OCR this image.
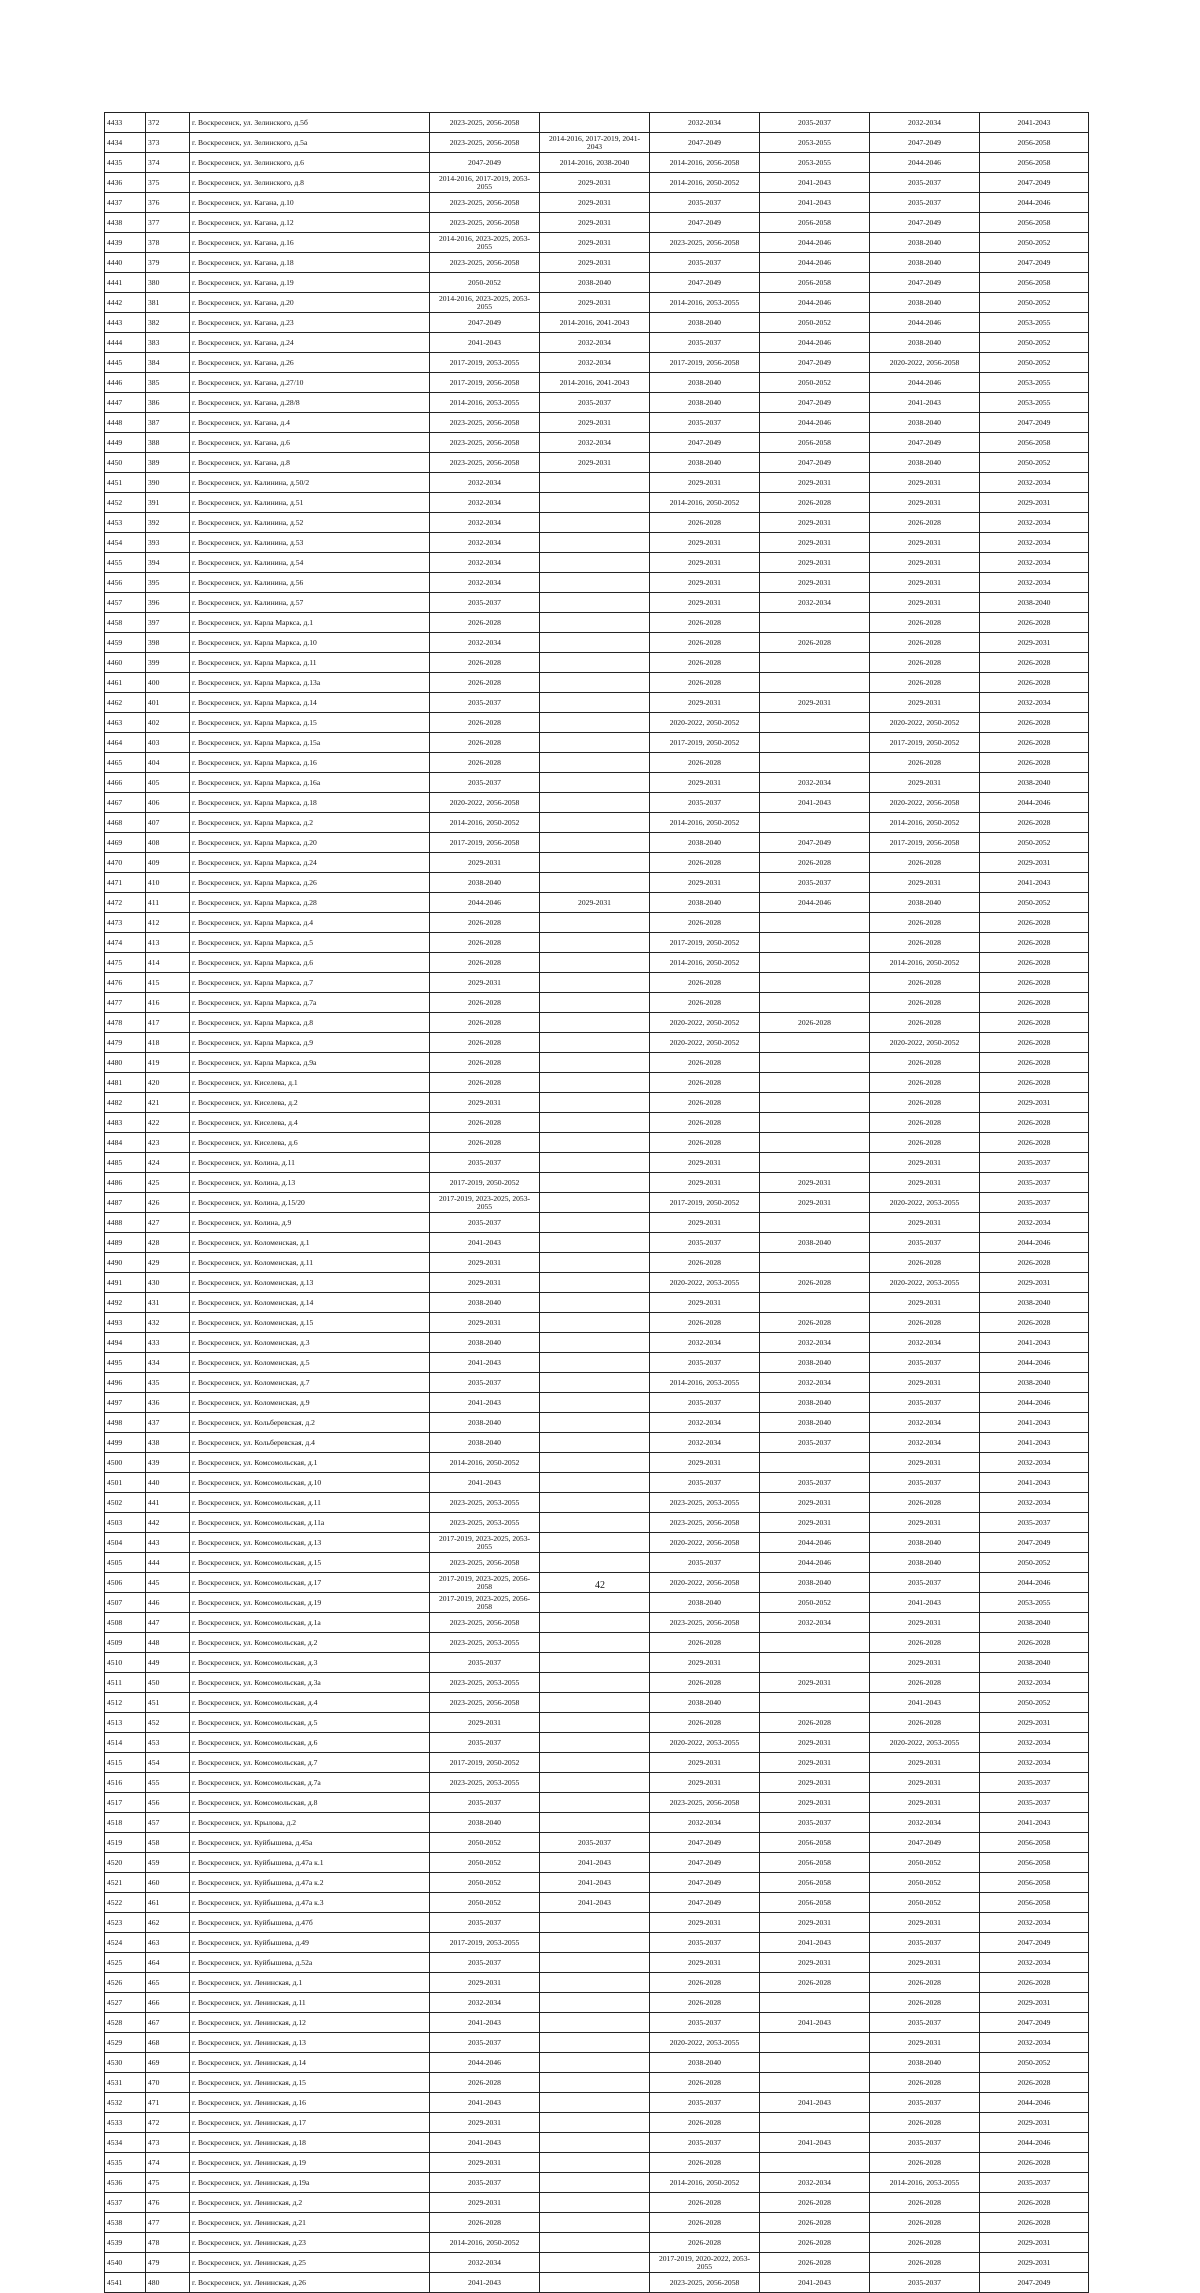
4433	372	г. Воскресенск, ул. Зелинского, д.5б	2023-2025, 2056-2058		2032-2034	2035-2037	2032-2034	2041-2043
4434	373	г. Воскресенск, ул. Зелинского, д.5а	2023-2025, 2056-2058	2014-2016, 2017-2019, 2041-2043	2047-2049	2053-2055	2047-2049	2056-2058
4435	374	г. Воскресенск, ул. Зелинского, д.6	2047-2049	2014-2016, 2038-2040	2014-2016, 2056-2058	2053-2055	2044-2046	2056-2058
4436	375	г. Воскресенск, ул. Зелинского, д.8	2014-2016, 2017-2019, 2053-2055	2029-2031	2014-2016, 2050-2052	2041-2043	2035-2037	2047-2049
4437	376	г. Воскресенск, ул. Кагана, д.10	2023-2025, 2056-2058	2029-2031	2035-2037	2041-2043	2035-2037	2044-2046
4438	377	г. Воскресенск, ул. Кагана, д.12	2023-2025, 2056-2058	2029-2031	2047-2049	2056-2058	2047-2049	2056-2058
4439	378	г. Воскресенск, ул. Кагана, д.16	2014-2016, 2023-2025, 2053-2055	2029-2031	2023-2025, 2056-2058	2044-2046	2038-2040	2050-2052
4440	379	г. Воскресенск, ул. Кагана, д.18	2023-2025, 2056-2058	2029-2031	2035-2037	2044-2046	2038-2040	2047-2049
4441	380	г. Воскресенск, ул. Кагана, д.19	2050-2052	2038-2040	2047-2049	2056-2058	2047-2049	2056-2058
4442	381	г. Воскресенск, ул. Кагана, д.20	2014-2016, 2023-2025, 2053-2055	2029-2031	2014-2016, 2053-2055	2044-2046	2038-2040	2050-2052
4443	382	г. Воскресенск, ул. Кагана, д.23	2047-2049	2014-2016, 2041-2043	2038-2040	2050-2052	2044-2046	2053-2055
4444	383	г. Воскресенск, ул. Кагана, д.24	2041-2043	2032-2034	2035-2037	2044-2046	2038-2040	2050-2052
4445	384	г. Воскресенск, ул. Кагана, д.26	2017-2019, 2053-2055	2032-2034	2017-2019, 2056-2058	2047-2049	2020-2022, 2056-2058	2050-2052
4446	385	г. Воскресенск, ул. Кагана, д.27/10	2017-2019, 2056-2058	2014-2016, 2041-2043	2038-2040	2050-2052	2044-2046	2053-2055
4447	386	г. Воскресенск, ул. Кагана, д.28/8	2014-2016, 2053-2055	2035-2037	2038-2040	2047-2049	2041-2043	2053-2055
4448	387	г. Воскресенск, ул. Кагана, д.4	2023-2025, 2056-2058	2029-2031	2035-2037	2044-2046	2038-2040	2047-2049
4449	388	г. Воскресенск, ул. Кагана, д.6	2023-2025, 2056-2058	2032-2034	2047-2049	2056-2058	2047-2049	2056-2058
4450	389	г. Воскресенск, ул. Кагана, д.8	2023-2025, 2056-2058	2029-2031	2038-2040	2047-2049	2038-2040	2050-2052
4451	390	г. Воскресенск, ул. Калинина, д.50/2	2032-2034		2029-2031	2029-2031	2029-2031	2032-2034
4452	391	г. Воскресенск, ул. Калинина, д.51	2032-2034		2014-2016, 2050-2052	2026-2028	2029-2031	2029-2031
4453	392	г. Воскресенск, ул. Калинина, д.52	2032-2034		2026-2028	2029-2031	2026-2028	2032-2034
4454	393	г. Воскресенск, ул. Калинина, д.53	2032-2034		2029-2031	2029-2031	2029-2031	2032-2034
4455	394	г. Воскресенск, ул. Калинина, д.54	2032-2034		2029-2031	2029-2031	2029-2031	2032-2034
4456	395	г. Воскресенск, ул. Калинина, д.56	2032-2034		2029-2031	2029-2031	2029-2031	2032-2034
4457	396	г. Воскресенск, ул. Калинина, д.57	2035-2037		2029-2031	2032-2034	2029-2031	2038-2040
4458	397	г. Воскресенск, ул. Карла Маркса, д.1	2026-2028		2026-2028		2026-2028	2026-2028
4459	398	г. Воскресенск, ул. Карла Маркса, д.10	2032-2034		2026-2028	2026-2028	2026-2028	2029-2031
4460	399	г. Воскресенск, ул. Карла Маркса, д.11	2026-2028		2026-2028		2026-2028	2026-2028
4461	400	г. Воскресенск, ул. Карла Маркса, д.13а	2026-2028		2026-2028		2026-2028	2026-2028
4462	401	г. Воскресенск, ул. Карла Маркса, д.14	2035-2037		2029-2031	2029-2031	2029-2031	2032-2034
4463	402	г. Воскресенск, ул. Карла Маркса, д.15	2026-2028		2020-2022, 2050-2052		2020-2022, 2050-2052	2026-2028
4464	403	г. Воскресенск, ул. Карла Маркса, д.15а	2026-2028		2017-2019, 2050-2052		2017-2019, 2050-2052	2026-2028
4465	404	г. Воскресенск, ул. Карла Маркса, д.16	2026-2028		2026-2028		2026-2028	2026-2028
4466	405	г. Воскресенск, ул. Карла Маркса, д.16а	2035-2037		2029-2031	2032-2034	2029-2031	2038-2040
4467	406	г. Воскресенск, ул. Карла Маркса, д.18	2020-2022, 2056-2058		2035-2037	2041-2043	2020-2022, 2056-2058	2044-2046
4468	407	г. Воскресенск, ул. Карла Маркса, д.2	2014-2016, 2050-2052		2014-2016, 2050-2052		2014-2016, 2050-2052	2026-2028
4469	408	г. Воскресенск, ул. Карла Маркса, д.20	2017-2019, 2056-2058		2038-2040	2047-2049	2017-2019, 2056-2058	2050-2052
4470	409	г. Воскресенск, ул. Карла Маркса, д.24	2029-2031		2026-2028	2026-2028	2026-2028	2029-2031
4471	410	г. Воскресенск, ул. Карла Маркса, д.26	2038-2040		2029-2031	2035-2037	2029-2031	2041-2043
4472	411	г. Воскресенск, ул. Карла Маркса, д.28	2044-2046	2029-2031	2038-2040	2044-2046	2038-2040	2050-2052
4473	412	г. Воскресенск, ул. Карла Маркса, д.4	2026-2028		2026-2028		2026-2028	2026-2028
4474	413	г. Воскресенск, ул. Карла Маркса, д.5	2026-2028		2017-2019, 2050-2052		2026-2028	2026-2028
4475	414	г. Воскресенск, ул. Карла Маркса, д.6	2026-2028		2014-2016, 2050-2052		2014-2016, 2050-2052	2026-2028
4476	415	г. Воскресенск, ул. Карла Маркса, д.7	2029-2031		2026-2028		2026-2028	2026-2028
4477	416	г. Воскресенск, ул. Карла Маркса, д.7а	2026-2028		2026-2028		2026-2028	2026-2028
4478	417	г. Воскресенск, ул. Карла Маркса, д.8	2026-2028		2020-2022, 2050-2052	2026-2028	2026-2028	2026-2028
4479	418	г. Воскресенск, ул. Карла Маркса, д.9	2026-2028		2020-2022, 2050-2052		2020-2022, 2050-2052	2026-2028
4480	419	г. Воскресенск, ул. Карла Маркса, д.9а	2026-2028		2026-2028		2026-2028	2026-2028
4481	420	г. Воскресенск, ул. Киселева, д.1	2026-2028		2026-2028		2026-2028	2026-2028
4482	421	г. Воскресенск, ул. Киселева, д.2	2029-2031		2026-2028		2026-2028	2029-2031
4483	422	г. Воскресенск, ул. Киселева, д.4	2026-2028		2026-2028		2026-2028	2026-2028
4484	423	г. Воскресенск, ул. Киселева, д.6	2026-2028		2026-2028		2026-2028	2026-2028
4485	424	г. Воскресенск, ул. Колина, д.11	2035-2037		2029-2031		2029-2031	2035-2037
4486	425	г. Воскресенск, ул. Колина, д.13	2017-2019, 2050-2052		2029-2031	2029-2031	2029-2031	2035-2037
4487	426	г. Воскресенск, ул. Колина, д.15/20	2017-2019, 2023-2025, 2053-2055		2017-2019, 2050-2052	2029-2031	2020-2022, 2053-2055	2035-2037
4488	427	г. Воскресенск, ул. Колина, д.9	2035-2037		2029-2031		2029-2031	2032-2034
4489	428	г. Воскресенск, ул. Коломенская, д.1	2041-2043		2035-2037	2038-2040	2035-2037	2044-2046
4490	429	г. Воскресенск, ул. Коломенская, д.11	2029-2031		2026-2028		2026-2028	2026-2028
4491	430	г. Воскресенск, ул. Коломенская, д.13	2029-2031		2020-2022, 2053-2055	2026-2028	2020-2022, 2053-2055	2029-2031
4492	431	г. Воскресенск, ул. Коломенская, д.14	2038-2040		2029-2031		2029-2031	2038-2040
4493	432	г. Воскресенск, ул. Коломенская, д.15	2029-2031		2026-2028	2026-2028	2026-2028	2026-2028
4494	433	г. Воскресенск, ул. Коломенская, д.3	2038-2040		2032-2034	2032-2034	2032-2034	2041-2043
4495	434	г. Воскресенск, ул. Коломенская, д.5	2041-2043		2035-2037	2038-2040	2035-2037	2044-2046
4496	435	г. Воскресенск, ул. Коломенская, д.7	2035-2037		2014-2016, 2053-2055	2032-2034	2029-2031	2038-2040
4497	436	г. Воскресенск, ул. Коломенская, д.9	2041-2043		2035-2037	2038-2040	2035-2037	2044-2046
4498	437	г. Воскресенск, ул. Кольберевская, д.2	2038-2040		2032-2034	2038-2040	2032-2034	2041-2043
4499	438	г. Воскресенск, ул. Кольберевская, д.4	2038-2040		2032-2034	2035-2037	2032-2034	2041-2043
4500	439	г. Воскресенск, ул. Комсомольская, д.1	2014-2016, 2050-2052		2029-2031		2029-2031	2032-2034
4501	440	г. Воскресенск, ул. Комсомольская, д.10	2041-2043		2035-2037	2035-2037	2035-2037	2041-2043
4502	441	г. Воскресенск, ул. Комсомольская, д.11	2023-2025, 2053-2055		2023-2025, 2053-2055	2029-2031	2026-2028	2032-2034
4503	442	г. Воскресенск, ул. Комсомольская, д.11а	2023-2025, 2053-2055		2023-2025, 2056-2058	2029-2031	2029-2031	2035-2037
4504	443	г. Воскресенск, ул. Комсомольская, д.13	2017-2019, 2023-2025, 2053-2055		2020-2022, 2056-2058	2044-2046	2038-2040	2047-2049
4505	444	г. Воскресенск, ул. Комсомольская, д.15	2023-2025, 2056-2058		2035-2037	2044-2046	2038-2040	2050-2052
4506	445	г. Воскресенск, ул. Комсомольская, д.17	2017-2019, 2023-2025, 2056-2058		2020-2022, 2056-2058	2038-2040	2035-2037	2044-2046
4507	446	г. Воскресенск, ул. Комсомольская, д.19	2017-2019, 2023-2025, 2056-2058		2038-2040	2050-2052	2041-2043	2053-2055
4508	447	г. Воскресенск, ул. Комсомольская, д.1а	2023-2025, 2056-2058		2023-2025, 2056-2058	2032-2034	2029-2031	2038-2040
4509	448	г. Воскресенск, ул. Комсомольская, д.2	2023-2025, 2053-2055		2026-2028		2026-2028	2026-2028
4510	449	г. Воскресенск, ул. Комсомольская, д.3	2035-2037		2029-2031		2029-2031	2038-2040
4511	450	г. Воскресенск, ул. Комсомольская, д.3а	2023-2025, 2053-2055		2026-2028	2029-2031	2026-2028	2032-2034
4512	451	г. Воскресенск, ул. Комсомольская, д.4	2023-2025, 2056-2058		2038-2040		2041-2043	2050-2052
4513	452	г. Воскресенск, ул. Комсомольская, д.5	2029-2031		2026-2028	2026-2028	2026-2028	2029-2031
4514	453	г. Воскресенск, ул. Комсомольская, д.6	2035-2037		2020-2022, 2053-2055	2029-2031	2020-2022, 2053-2055	2032-2034
4515	454	г. Воскресенск, ул. Комсомольская, д.7	2017-2019, 2050-2052		2029-2031	2029-2031	2029-2031	2032-2034
4516	455	г. Воскресенск, ул. Комсомольская, д.7а	2023-2025, 2053-2055		2029-2031	2029-2031	2029-2031	2035-2037
4517	456	г. Воскресенск, ул. Комсомольская, д.8	2035-2037		2023-2025, 2056-2058	2029-2031	2029-2031	2035-2037
4518	457	г. Воскресенск, ул. Крылова, д.2	2038-2040		2032-2034	2035-2037	2032-2034	2041-2043
4519	458	г. Воскресенск, ул. Куйбышева, д.45а	2050-2052	2035-2037	2047-2049	2056-2058	2047-2049	2056-2058
4520	459	г. Воскресенск, ул. Куйбышева, д.47а к.1	2050-2052	2041-2043	2047-2049	2056-2058	2050-2052	2056-2058
4521	460	г. Воскресенск, ул. Куйбышева, д.47а к.2	2050-2052	2041-2043	2047-2049	2056-2058	2050-2052	2056-2058
4522	461	г. Воскресенск, ул. Куйбышева, д.47а к.3	2050-2052	2041-2043	2047-2049	2056-2058	2050-2052	2056-2058
4523	462	г. Воскресенск, ул. Куйбышева, д.47б	2035-2037		2029-2031	2029-2031	2029-2031	2032-2034
4524	463	г. Воскресенск, ул. Куйбышева, д.49	2017-2019, 2053-2055		2035-2037	2041-2043	2035-2037	2047-2049
4525	464	г. Воскресенск, ул. Куйбышева, д.52а	2035-2037		2029-2031	2029-2031	2029-2031	2032-2034
4526	465	г. Воскресенск, ул. Ленинская, д.1	2029-2031		2026-2028	2026-2028	2026-2028	2026-2028
4527	466	г. Воскресенск, ул. Ленинская, д.11	2032-2034		2026-2028		2026-2028	2029-2031
4528	467	г. Воскресенск, ул. Ленинская, д.12	2041-2043		2035-2037	2041-2043	2035-2037	2047-2049
4529	468	г. Воскресенск, ул. Ленинская, д.13	2035-2037		2020-2022, 2053-2055		2029-2031	2032-2034
4530	469	г. Воскресенск, ул. Ленинская, д.14	2044-2046		2038-2040		2038-2040	2050-2052
4531	470	г. Воскресенск, ул. Ленинская, д.15	2026-2028		2026-2028		2026-2028	2026-2028
4532	471	г. Воскресенск, ул. Ленинская, д.16	2041-2043		2035-2037	2041-2043	2035-2037	2044-2046
4533	472	г. Воскресенск, ул. Ленинская, д.17	2029-2031		2026-2028		2026-2028	2029-2031
4534	473	г. Воскресенск, ул. Ленинская, д.18	2041-2043		2035-2037	2041-2043	2035-2037	2044-2046
4535	474	г. Воскресенск, ул. Ленинская, д.19	2029-2031		2026-2028		2026-2028	2026-2028
4536	475	г. Воскресенск, ул. Ленинская, д.19а	2035-2037		2014-2016, 2050-2052	2032-2034	2014-2016, 2053-2055	2035-2037
4537	476	г. Воскресенск, ул. Ленинская, д.2	2029-2031		2026-2028	2026-2028	2026-2028	2026-2028
4538	477	г. Воскресенск, ул. Ленинская, д.21	2026-2028		2026-2028	2026-2028	2026-2028	2026-2028
4539	478	г. Воскресенск, ул. Ленинская, д.23	2014-2016, 2050-2052		2026-2028	2026-2028	2026-2028	2029-2031
4540	479	г. Воскресенск, ул. Ленинская, д.25	2032-2034		2017-2019, 2020-2022, 2053-2055	2026-2028	2026-2028	2029-2031
4541	480	г. Воскресенск, ул. Ленинская, д.26	2041-2043		2023-2025, 2056-2058	2041-2043	2035-2037	2047-2049
42
